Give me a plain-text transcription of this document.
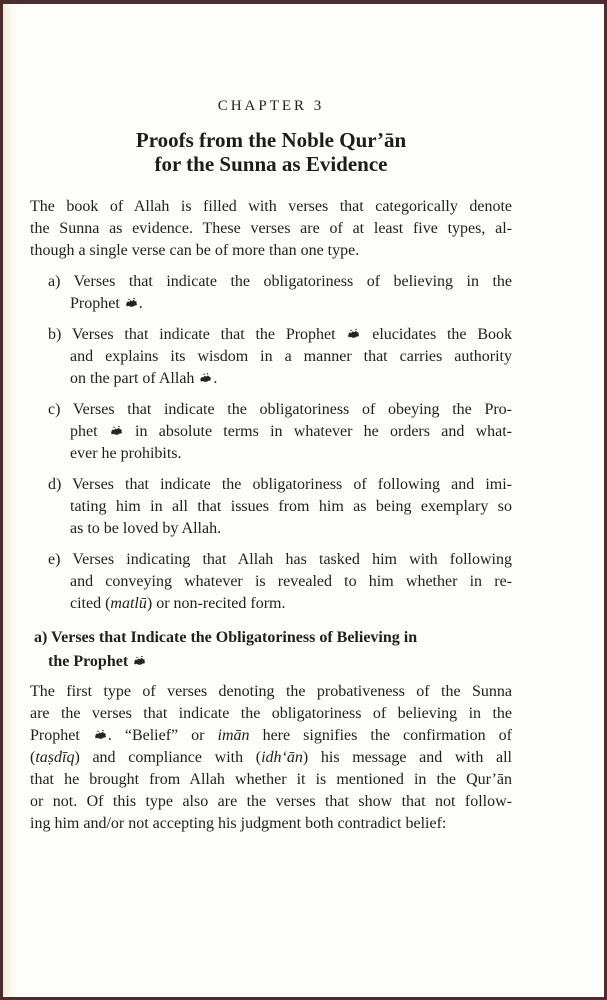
CHAPTER 3
Proofs from the Noble Qur’ān
for the Sunna as Evidence
The book of Allah is filled with verses that categorically denote
the Sunna as evidence. These verses are of at least five types, al-
though a single verse can be of more than one type.
a) Verses that indicate the obligatoriness of believing in the
Prophet
.
b) Verses that indicate that the Prophet
elucidates the Book
and explains its wisdom in a manner that carries authority
on the part of Allah
.
c) Verses that indicate the obligatoriness of obeying the Pro-
phet
in absolute terms in whatever he orders and what-
ever he prohibits.
d) Verses that indicate the obligatoriness of following and imi-
tating him in all that issues from him as being exemplary so
as to be loved by Allah.
e) Verses indicating that Allah has tasked him with following
and conveying whatever is revealed to him whether in re-
cited (matlū) or non-recited form.
a) Verses that Indicate the Obligatoriness of Believing in
the Prophet
The first type of verses denoting the probativeness of the Sunna
are the verses that indicate the obligatoriness of believing in the
Prophet
. “Belief” or imān here signifies the confirmation of
(taṣdīq) and compliance with (idh‘ān) his message and with all
that he brought from Allah whether it is mentioned in the Qur’ān
or not. Of this type also are the verses that show that not follow-
ing him and/or not accepting his judgment both contradict belief:
